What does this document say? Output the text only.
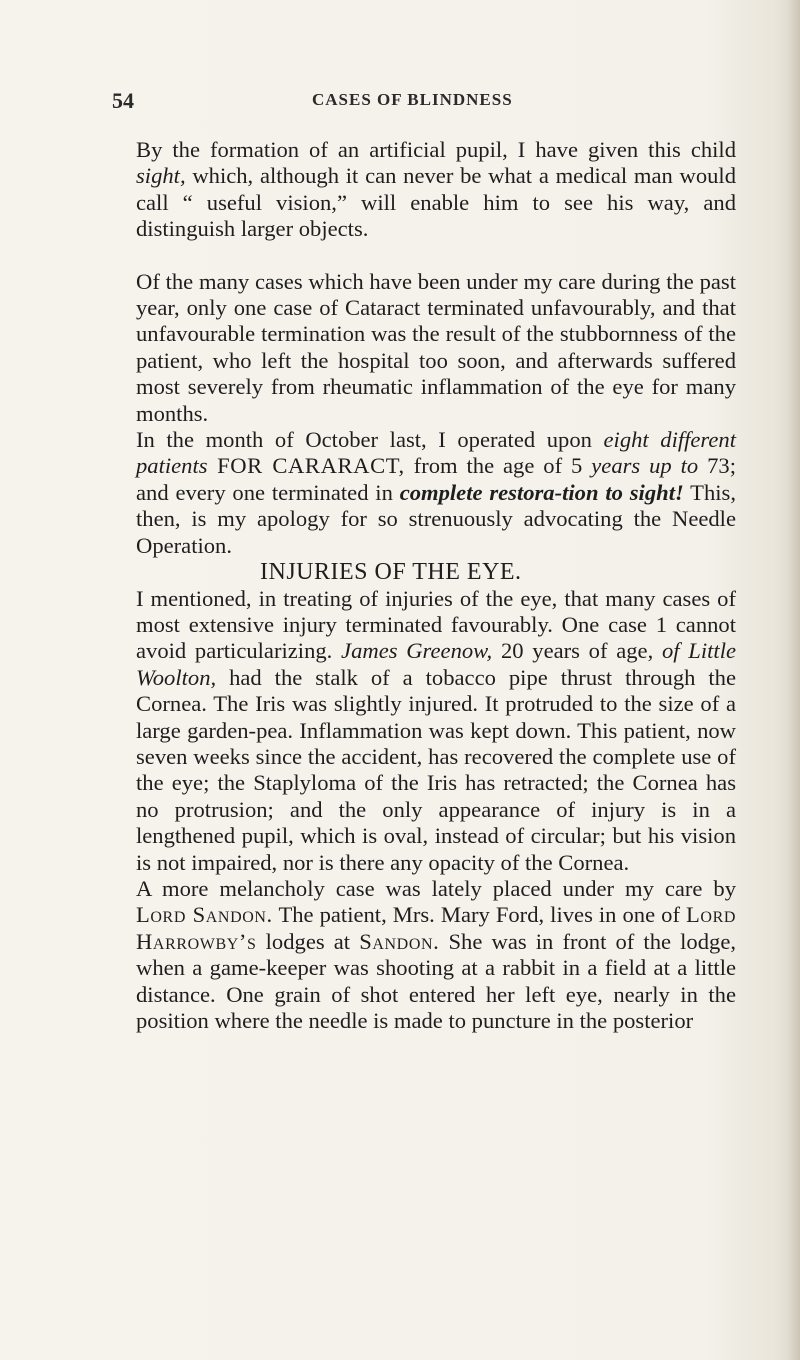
54	CASES OF BLINDNESS

By the formation of an artificial pupil, I have given this child sight, which, although it can never be what a medical man would call “ useful vision,” will enable him to see his way, and distinguish larger objects.

Of the many cases which have been under my care during the past year, only one case of Cataract terminated unfavourably, and that unfavourable termination was the result of the stubbornness of the patient, who left the hospital too soon, and afterwards suffered most severely from rheumatic inflammation of the eye for many months.

In the month of October last, I operated upon eight different patients FOR CARARACT, from the age of 5 years up to 73; and every one terminated in complete restora-tion to sight! This, then, is my apology for so strenuously advocating the Needle Operation.

INJURIES OF THE EYE.

I mentioned, in treating of injuries of the eye, that many cases of most extensive injury terminated favourably. One case 1 cannot avoid particularizing. James Greenow, 20 years of age, of Little Woolton, had the stalk of a tobacco pipe thrust through the Cornea. The Iris was slightly injured. It protruded to the size of a large garden-pea. Inflammation was kept down. This patient, now seven weeks since the accident, has recovered the complete use of the eye; the Staplyloma of the Iris has retracted; the Cornea has no protrusion; and the only appearance of injury is in a lengthened pupil, which is oval, instead of circular; but his vision is not impaired, nor is there any opacity of the Cornea.

A more melancholy case was lately placed under my care by Lord Sandon. The patient, Mrs. Mary Ford, lives in one of Lord Harrowby’s lodges at Sandon. She was in front of the lodge, when a game-keeper was shooting at a rabbit in a field at a little distance. One grain of shot entered her left eye, nearly in the position where the needle is made to puncture in the posterior
